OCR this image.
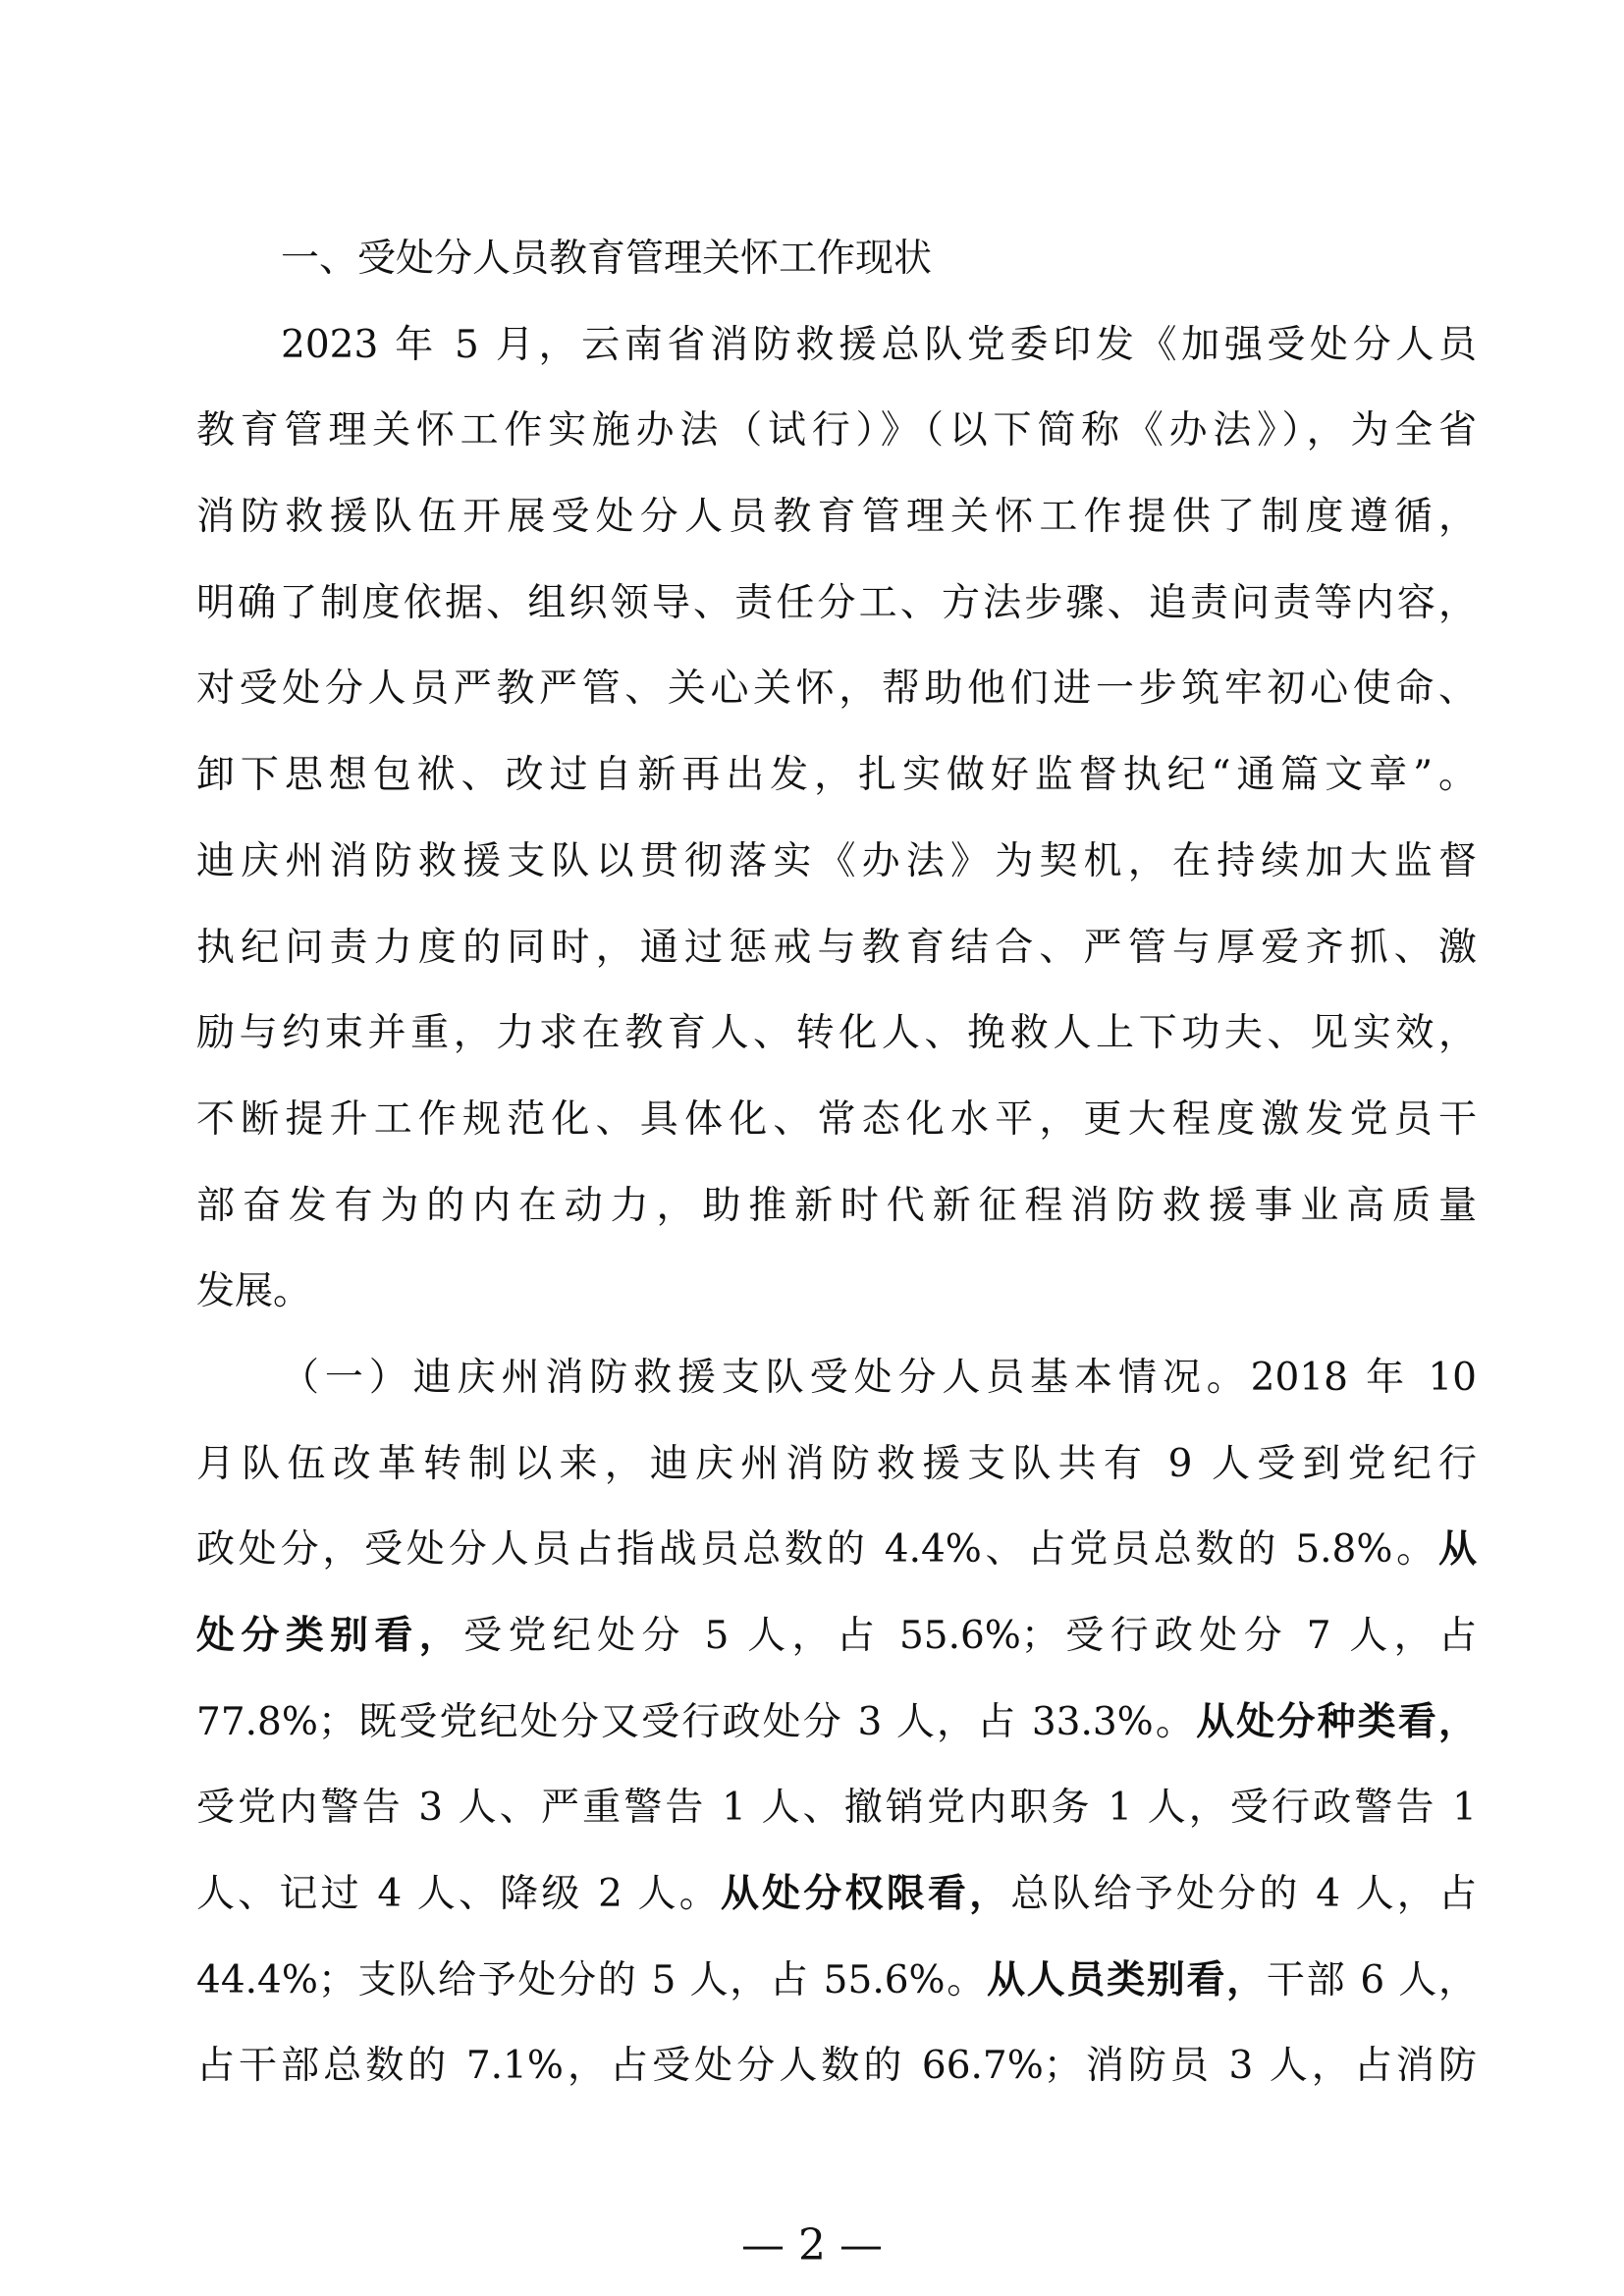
一、受处分人员教育管理关怀工作现状
2023 年 5 月，云南省消防救援总队党委印发《加强受处分人员
教育管理关怀工作实施办法（试行）》（以下简称《办法》），为全省
消防救援队伍开展受处分人员教育管理关怀工作提供了制度遵循，
明确了制度依据、组织领导、责任分工、方法步骤、追责问责等内容，
对受处分人员严教严管、关心关怀，帮助他们进一步筑牢初心使命、
卸下思想包袱、改过自新再出发，扎实做好监督执纪“通篇文章”。
迪庆州消防救援支队以贯彻落实《办法》为契机，在持续加大监督
执纪问责力度的同时，通过惩戒与教育结合、严管与厚爱齐抓、激
励与约束并重，力求在教育人、转化人、挽救人上下功夫、见实效，
不断提升工作规范化、具体化、常态化水平，更大程度激发党员干
部奋发有为的内在动力，助推新时代新征程消防救援事业高质量
发展。
（一）迪庆州消防救援支队受处分人员基本情况。2018 年 10
月队伍改革转制以来，迪庆州消防救援支队共有 9 人受到党纪行
政处分，受处分人员占指战员总数的 4.4%、占党员总数的 5.8%。从
处分类别看，受党纪处分 5 人，占 55.6%；受行政处分 7 人，占
77.8%；既受党纪处分又受行政处分 3 人，占 33.3%。从处分种类看，
受党内警告 3 人、严重警告 1 人、撤销党内职务 1 人，受行政警告 1
人、记过 4 人、降级 2 人。从处分权限看，总队给予处分的 4 人，占
44.4%；支队给予处分的 5 人，占 55.6%。从人员类别看，干部 6 人，
占干部总数的 7.1%，占受处分人数的 66.7%；消防员 3 人，占消防
— 2 —
